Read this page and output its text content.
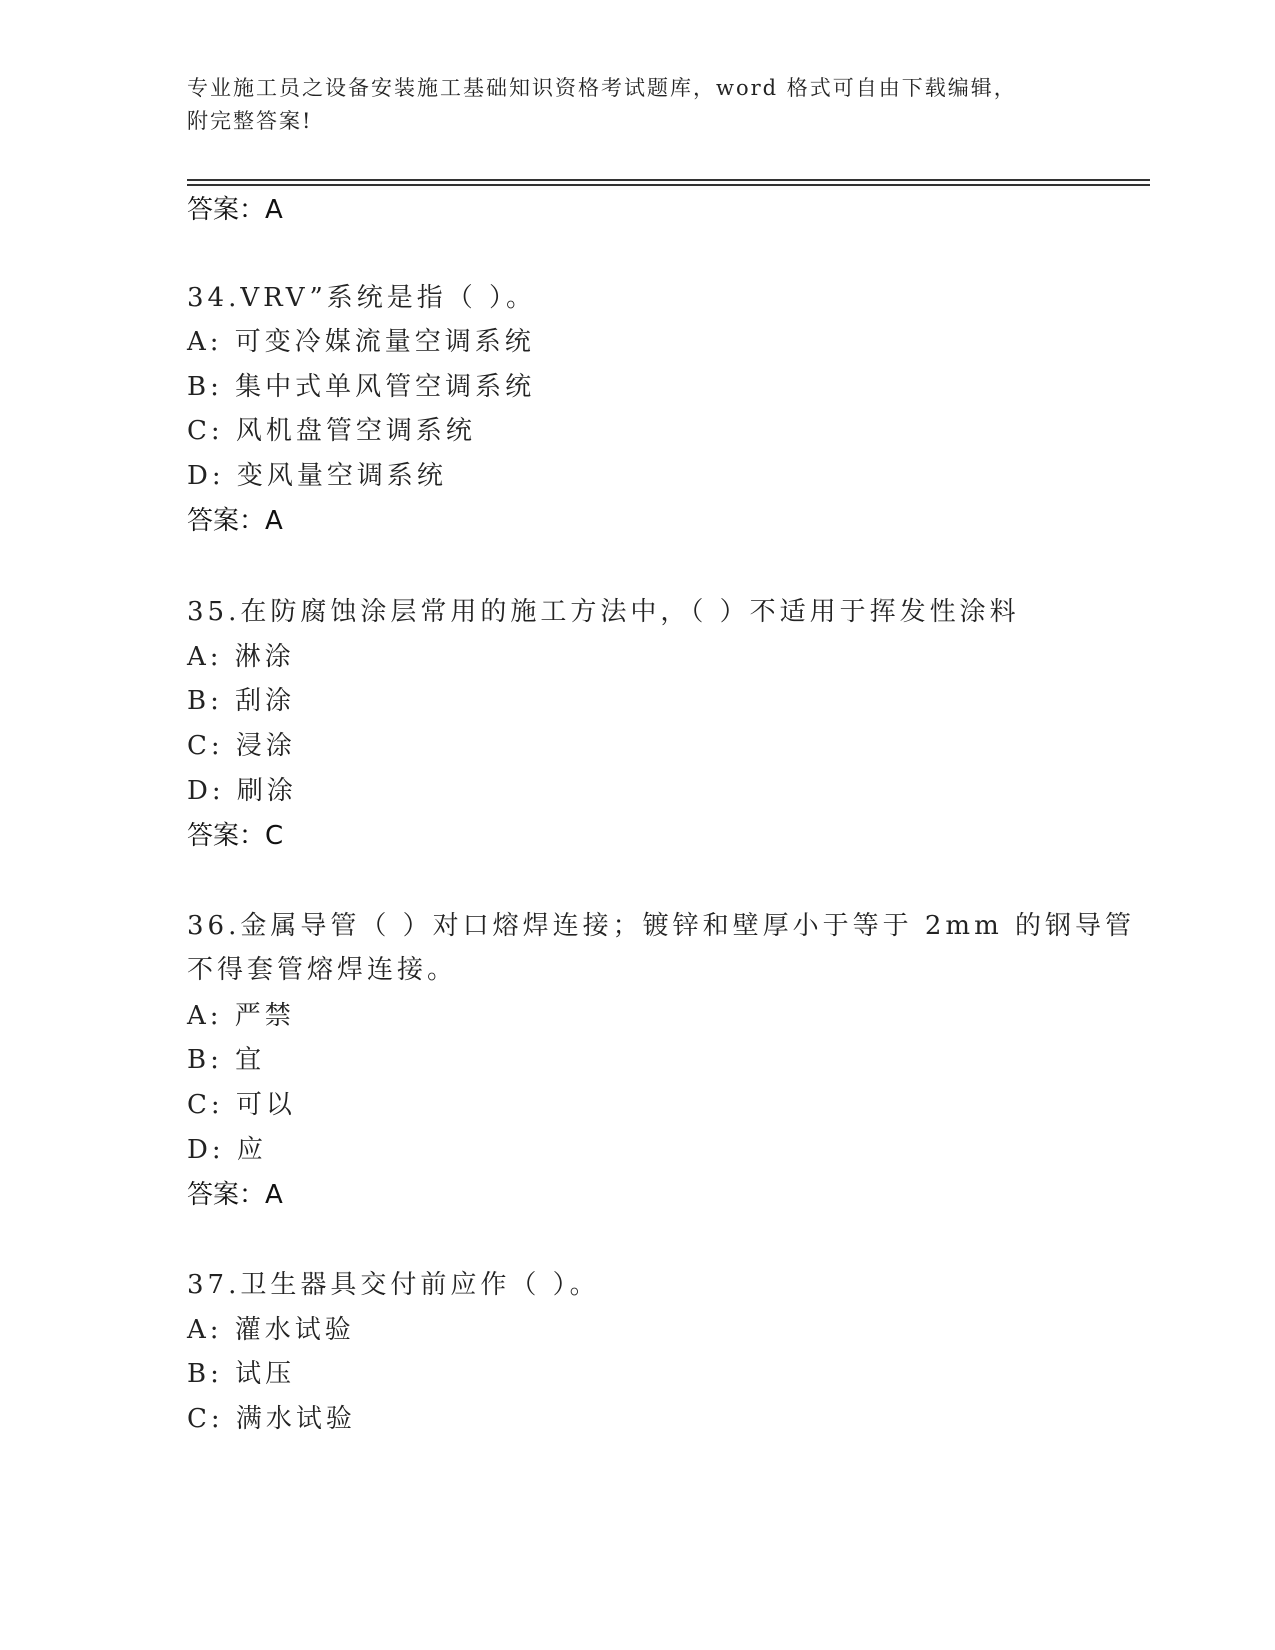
专业施工员之设备安装施工基础知识资格考试题库，word 格式可自由下载编辑，
附完整答案!
答案：A
34.VRV”系统是指（ ）。
A: 可变冷媒流量空调系统
B: 集中式单风管空调系统
C: 风机盘管空调系统
D: 变风量空调系统
答案：A
35.在防腐蚀涂层常用的施工方法中，（ ）不适用于挥发性涂料
A: 淋涂
B: 刮涂
C: 浸涂
D: 刷涂
答案：C
36.金属导管（ ）对口熔焊连接；镀锌和壁厚小于等于 2mm 的钢导管
不得套管熔焊连接。
A: 严禁
B: 宜
C: 可以
D: 应
答案：A
37.卫生器具交付前应作（ ）。
A: 灌水试验
B: 试压
C: 满水试验
